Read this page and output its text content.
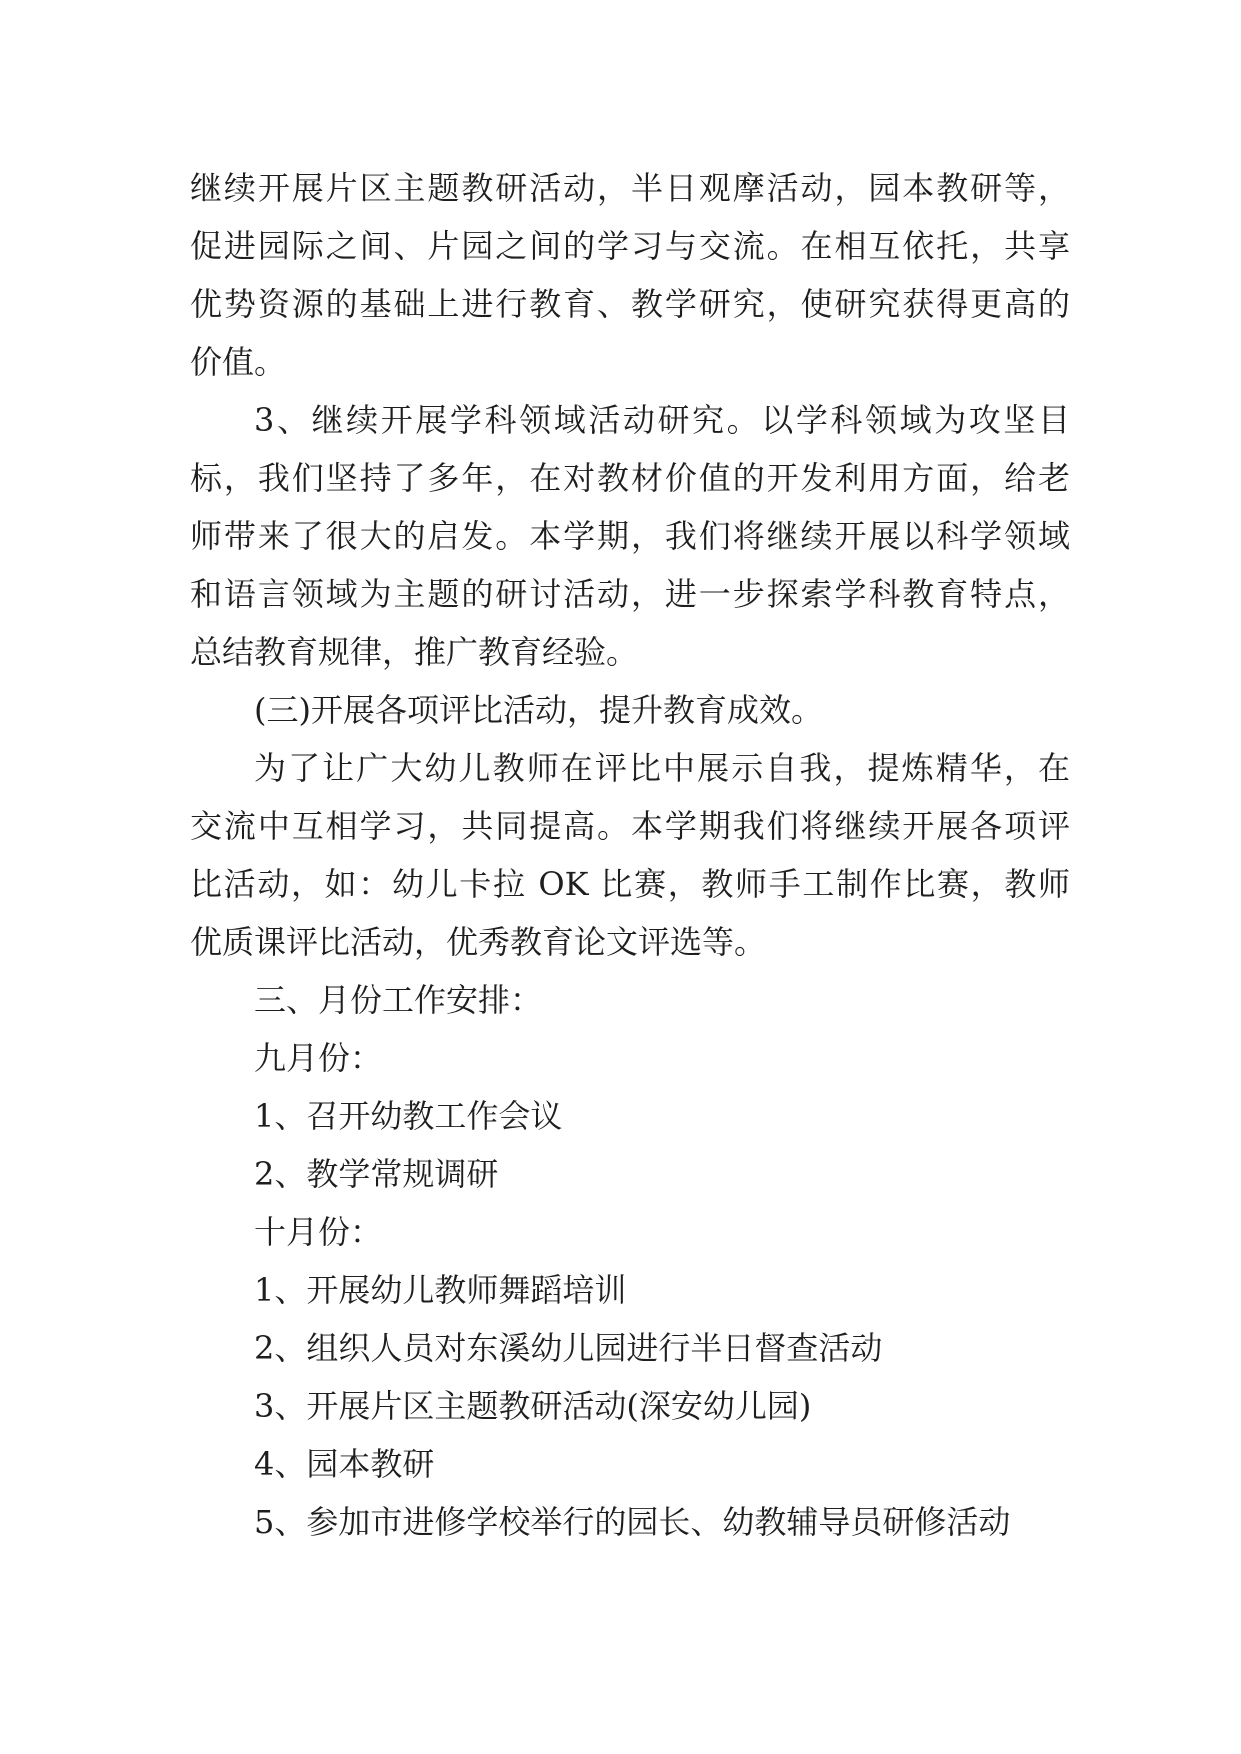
继续开展片区主题教研活动，半日观摩活动，园本教研等，
促进园际之间、片园之间的学习与交流。在相互依托，共享
优势资源的基础上进行教育、教学研究，使研究获得更高的
价值。
3、继续开展学科领域活动研究。以学科领域为攻坚目
标，我们坚持了多年，在对教材价值的开发利用方面，给老
师带来了很大的启发。本学期，我们将继续开展以科学领域
和语言领域为主题的研讨活动，进一步探索学科教育特点，
总结教育规律，推广教育经验。
(三)开展各项评比活动，提升教育成效。
为了让广大幼儿教师在评比中展示自我，提炼精华，在
交流中互相学习，共同提高。本学期我们将继续开展各项评
比活动，如：幼儿卡拉 OK 比赛，教师手工制作比赛，教师
优质课评比活动，优秀教育论文评选等。
三、月份工作安排：
九月份：
1、召开幼教工作会议
2、教学常规调研
十月份：
1、开展幼儿教师舞蹈培训
2、组织人员对东溪幼儿园进行半日督查活动
3、开展片区主题教研活动(深安幼儿园)
4、园本教研
5、参加市进修学校举行的园长、幼教辅导员研修活动
